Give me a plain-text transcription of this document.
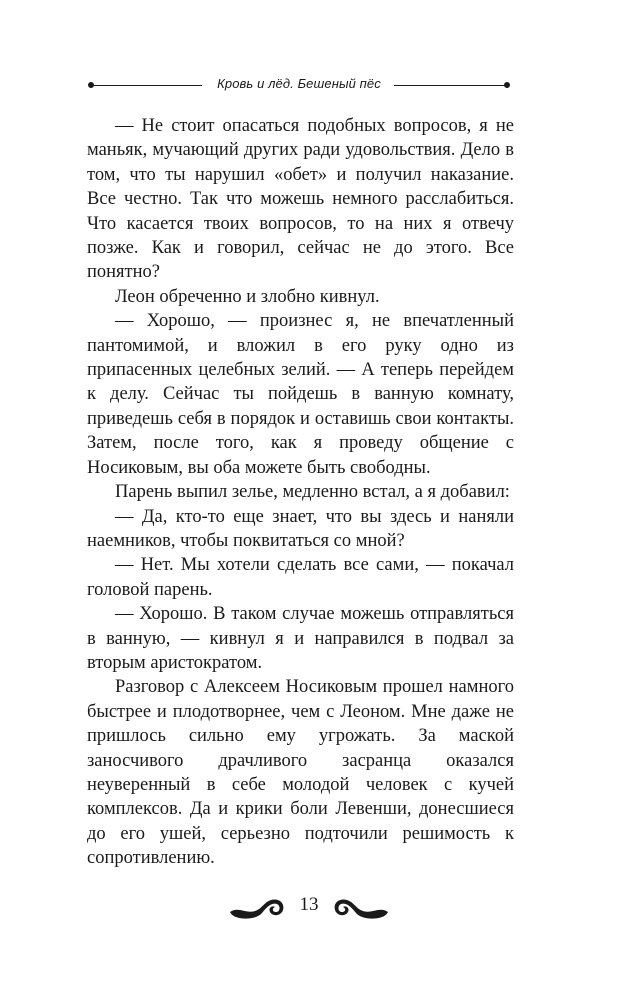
Кровь и лёд. Бешеный пёс

— Не стоит опасаться подобных вопросов, я не маньяк, мучающий других ради удовольствия. Дело в том, что ты нарушил «обет» и получил наказание. Все честно. Так что можешь немного расслабиться. Что касается твоих вопросов, то на них я отвечу позже. Как и говорил, сейчас не до этого. Все понятно?

Леон обреченно и злобно кивнул.

— Хорошо, — произнес я, не впечатленный пантомимой, и вложил в его руку одно из припасенных целебных зелий. — А теперь перейдем к делу. Сейчас ты пойдешь в ванную комнату, приведешь себя в порядок и оставишь свои контакты. Затем, после того, как я проведу общение с Носиковым, вы оба можете быть свободны.

Парень выпил зелье, медленно встал, а я добавил:

— Да, кто-то еще знает, что вы здесь и наняли наемников, чтобы поквитаться со мной?

— Нет. Мы хотели сделать все сами, — покачал головой парень.

— Хорошо. В таком случае можешь отправляться в ванную, — кивнул я и направился в подвал за вторым аристократом.

Разговор с Алексеем Носиковым прошел намного быстрее и плодотворнее, чем с Леоном. Мне даже не пришлось сильно ему угрожать. За маской заносчивого драчливого засранца оказался неуверенный в себе молодой человек с кучей комплексов. Да и крики боли Левенши, донесшиеся до его ушей, серьезно подточили решимость к сопротивлению.

13
